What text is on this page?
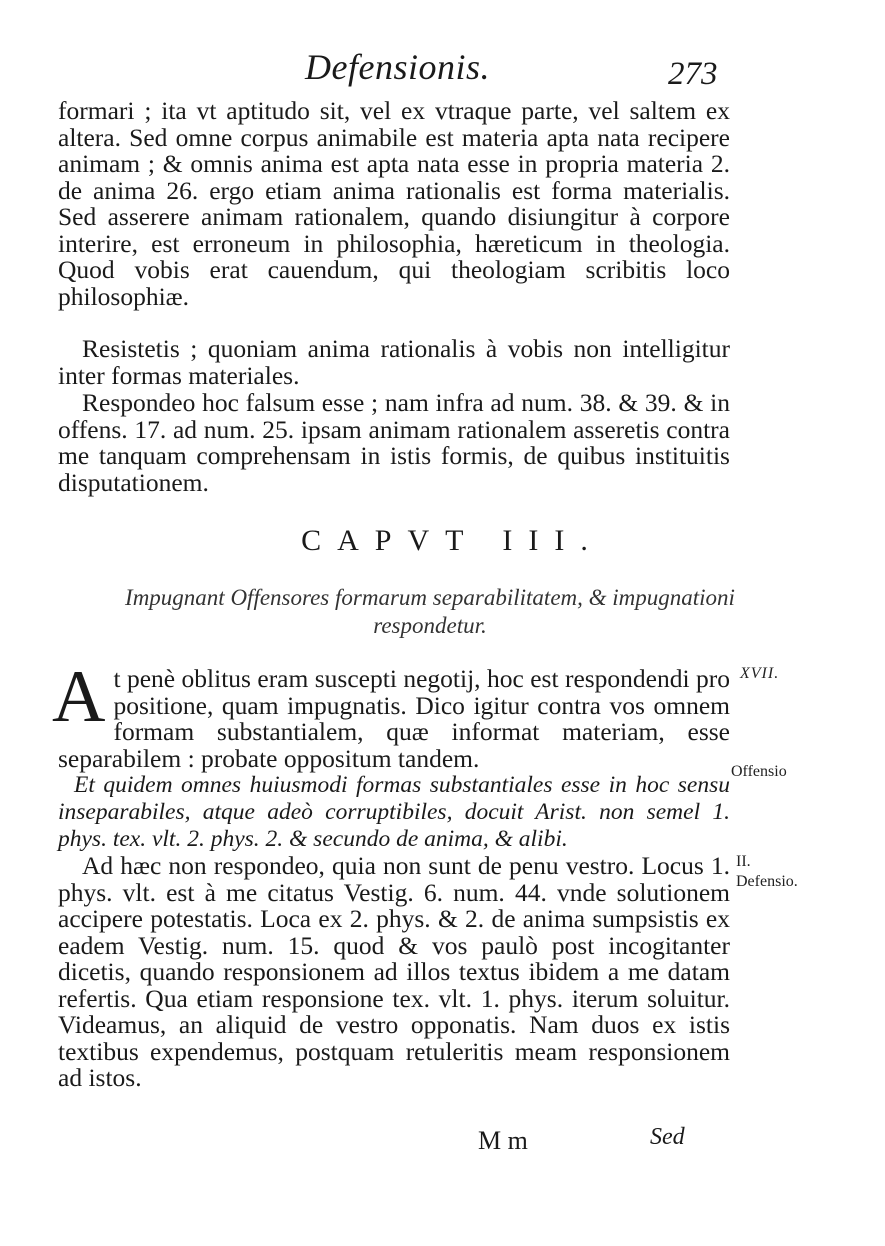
Defensionis.	273

formari ; ita vt aptitudo sit, vel ex vtraque parte, vel saltem ex altera. Sed omne corpus animabile est materia apta nata recipere animam ; & omnis anima est apta nata esse in propria materia 2. de anima 26. ergo etiam anima rationalis est forma materialis. Sed asserere animam rationalem, quando disiungitur à corpore interire, est erroneum in philosophia, hæreticum in theologia. Quod vobis erat cauendum, qui theologiam scribitis loco philosophiæ.

Resistetis ; quoniam anima rationalis à vobis non intelligitur inter formas materiales.

Respondeo hoc falsum esse ; nam infra ad num. 38. & 39. & in offens. 17. ad num. 25. ipsam animam rationalem asseretis contra me tanquam comprehensam in istis formis, de quibus instituitis disputationem.

CAPVT III.
Impugnant Offensores formarum separabilitatem, & impugnationi respondetur.

At penè oblitus eram suscepti negotij, hoc est respondendi pro positione, quam impugnatis. Dico igitur contra vos omnem formam substantialem, quæ informat materiam, esse separabilem : probate oppositum tandem.

Et quidem omnes huiusmodi formas substantiales esse in hoc sensu inseparabiles, atque adeò corruptibiles, docuit Arist. non semel 1. phys. tex. vlt. 2. phys. 2. & secundo de anima, & alibi.

Ad hæc non respondeo, quia non sunt de penu vestro. Locus 1. phys. vlt. est à me citatus Vestig. 6. num. 44. vnde solutionem accipere potestatis. Loca ex 2. phys. & 2. de anima sumpsistis ex eadem Vestig. num. 15. quod & vos paulò post incogitanter dicetis, quando responsionem ad illos textus ibidem a me datam refertis. Qua etiam responsione tex. vlt. 1. phys. iterum soluitur. Videamus, an aliquid de vestro opponatis. Nam duos ex istis textibus expendemus, postquam retuleritis meam responsionem ad istos.

XVII.
Offensio
II. Defensio.
M m	Sed
